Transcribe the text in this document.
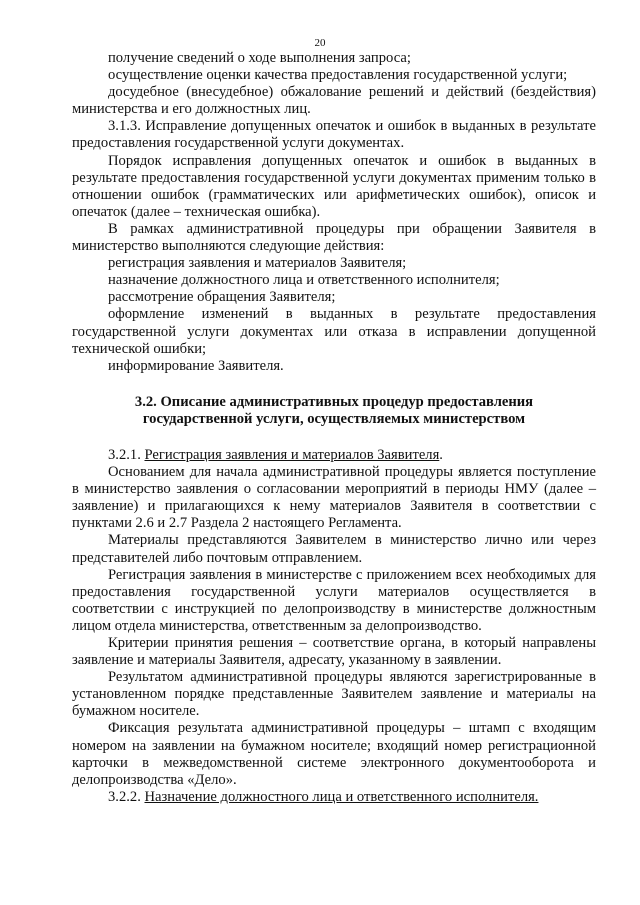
20

получение сведений о ходе выполнения запроса;

осуществление оценки качества предоставления государственной услуги;

досудебное (внесудебное) обжалование решений и действий (бездействия) министерства и его должностных лиц.

3.1.3. Исправление допущенных опечаток и ошибок в выданных в результате предоставления государственной услуги документах.

Порядок исправления допущенных опечаток и ошибок в выданных в результате предоставления государственной услуги документах применим только в отношении ошибок (грамматических или арифметических ошибок), описок и опечаток (далее – техническая ошибка).

В рамках административной процедуры при обращении Заявителя в министерство выполняются следующие действия:

регистрация заявления и материалов Заявителя;

назначение должностного лица и ответственного исполнителя;

рассмотрение обращения Заявителя;

оформление изменений в выданных в результате предоставления государственной услуги документах или отказа в исправлении допущенной технической ошибки;

информирование Заявителя.

3.2. Описание административных процедур предоставления
государственной услуги, осуществляемых министерством

3.2.1. Регистрация заявления и материалов Заявителя.

Основанием для начала административной процедуры является поступление в министерство заявления о согласовании мероприятий в периоды НМУ (далее – заявление) и прилагающихся к нему материалов Заявителя в соответствии с пунктами 2.6 и 2.7 Раздела 2 настоящего Регламента.

Материалы представляются Заявителем в министерство лично или через представителей либо почтовым отправлением.

Регистрация заявления в министерстве с приложением всех необходимых для предоставления государственной услуги материалов осуществляется в соответствии с инструкцией по делопроизводству в министерстве должностным лицом отдела министерства, ответственным за делопроизводство.

Критерии принятия решения – соответствие органа, в который направлены заявление и материалы Заявителя, адресату, указанному в заявлении.

Результатом административной процедуры являются зарегистрированные в установленном порядке представленные Заявителем заявление и материалы на бумажном носителе.

Фиксация результата административной процедуры – штамп с входящим номером на заявлении на бумажном носителе; входящий номер регистрационной карточки в межведомственной системе электронного документооборота и делопроизводства «Дело».

3.2.2. Назначение должностного лица и ответственного исполнителя.
